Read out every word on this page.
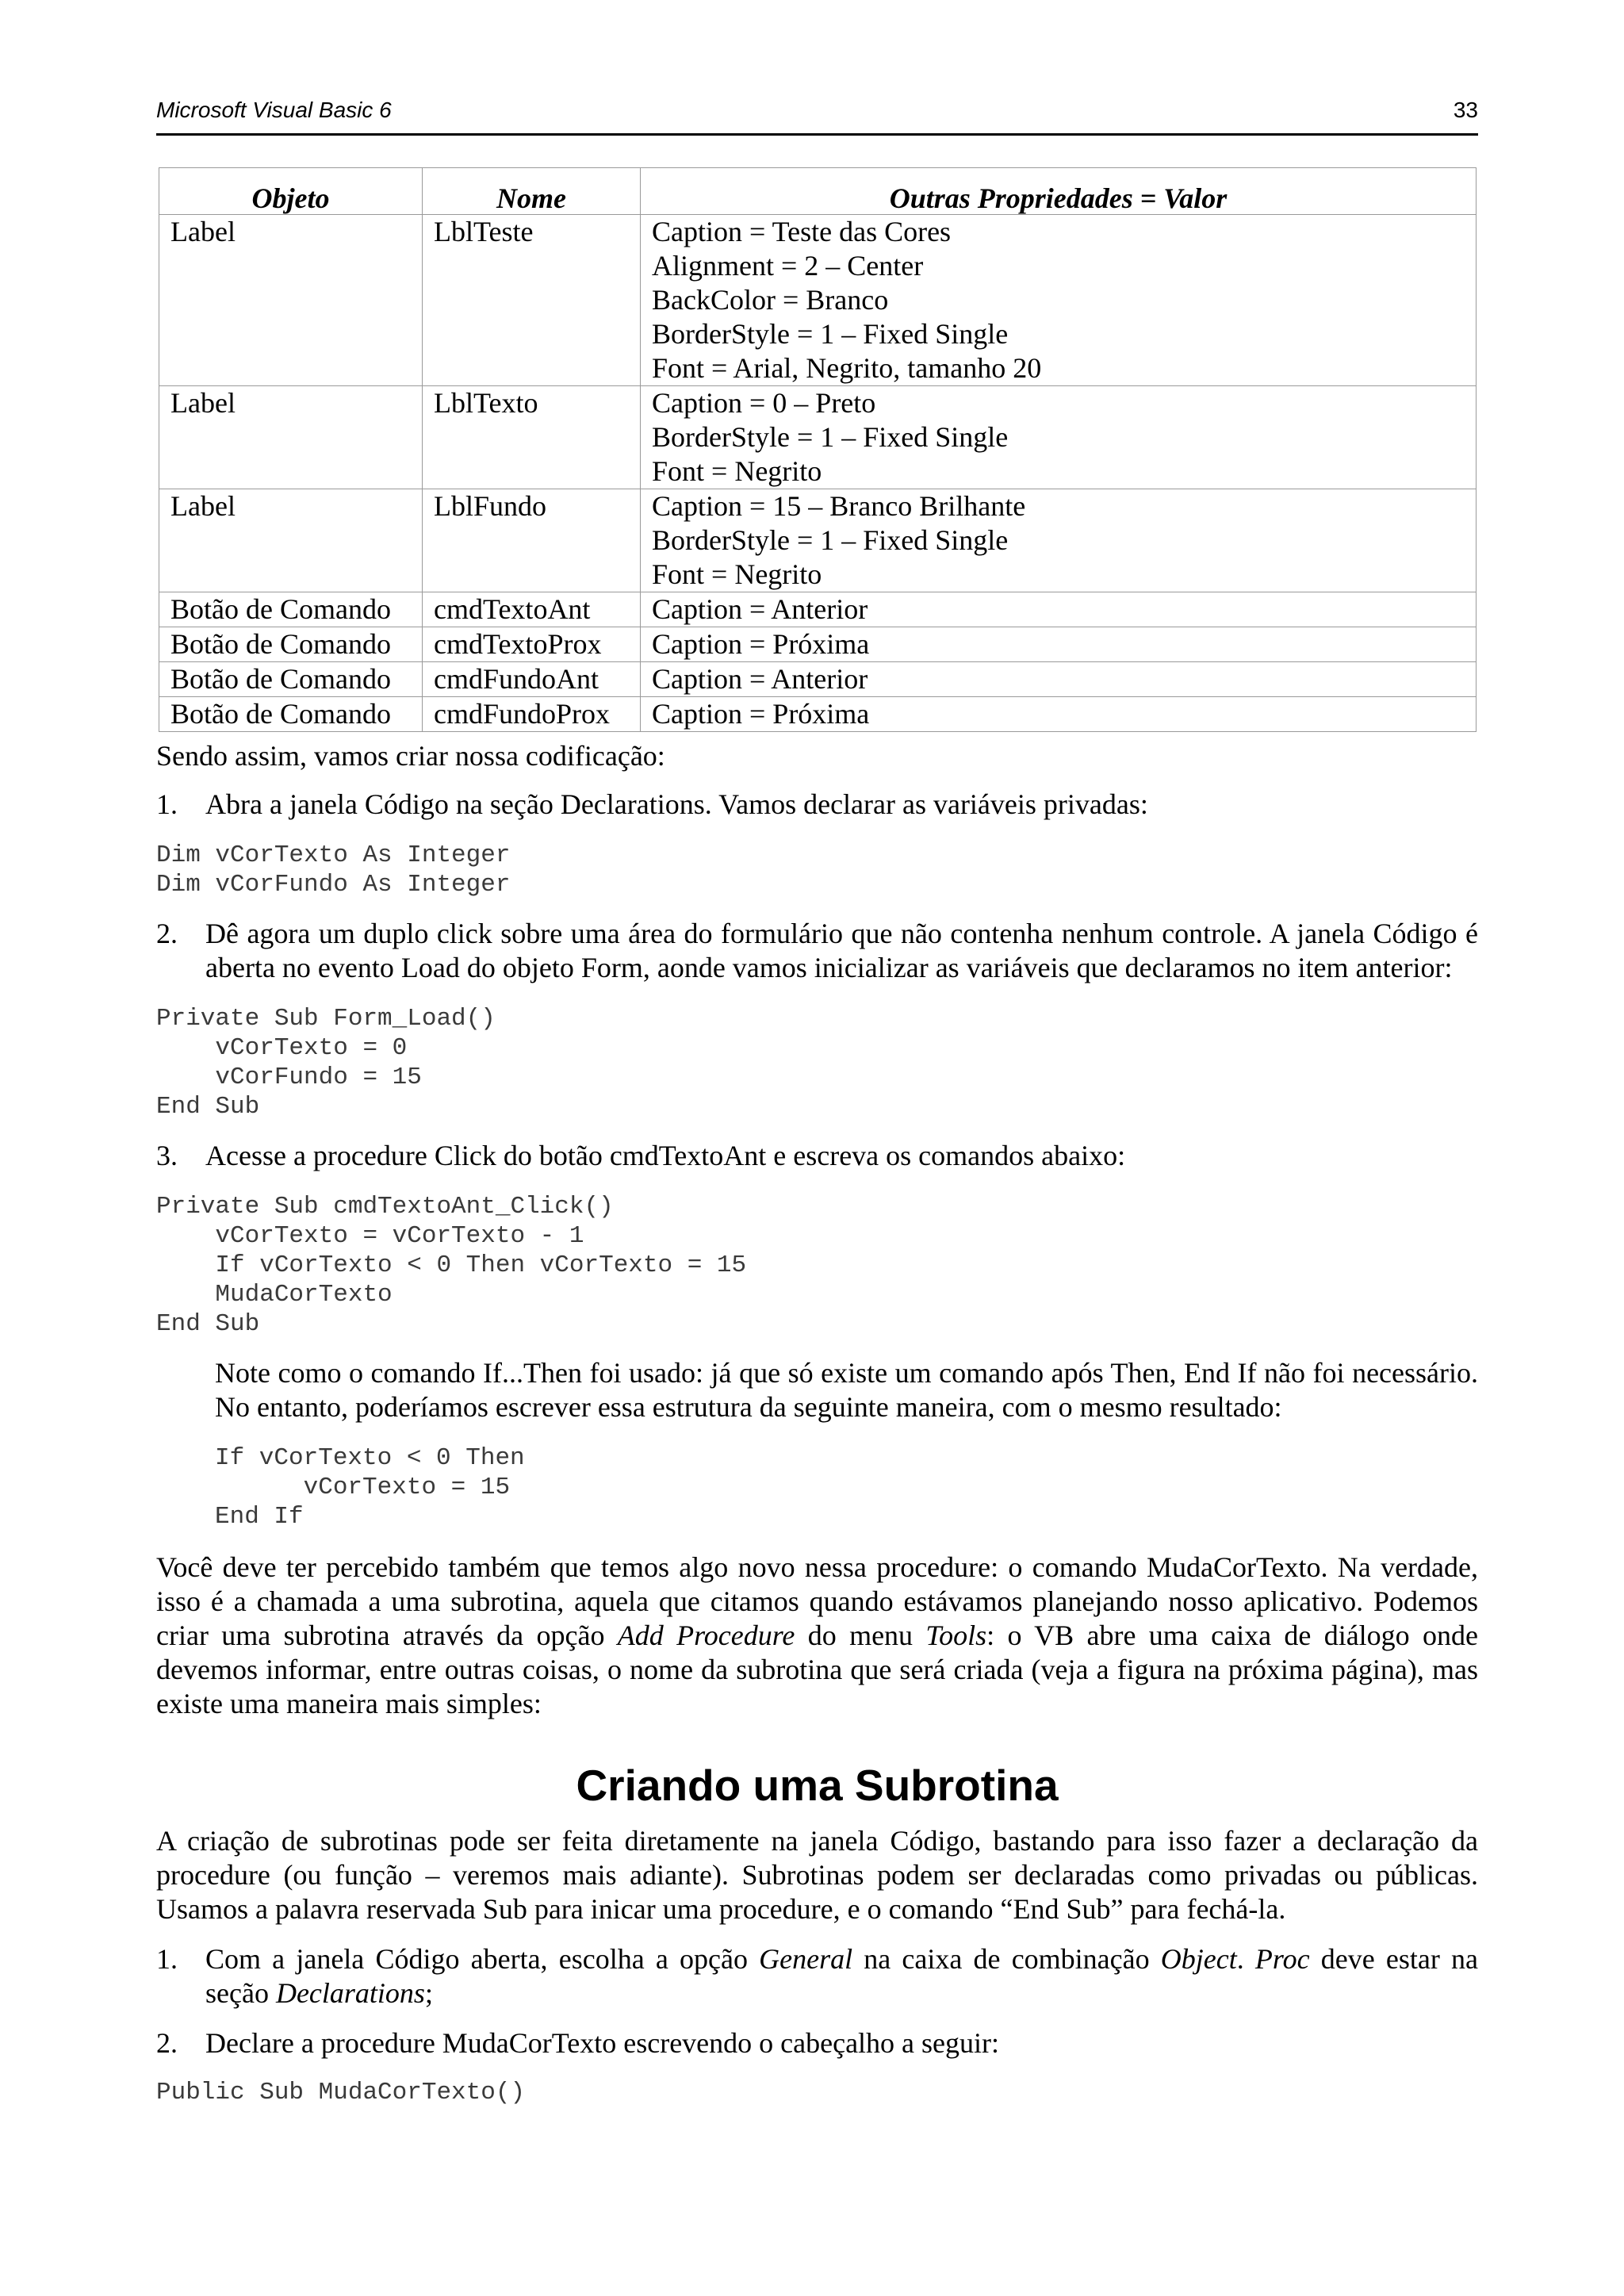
Microsoft Visual Basic 6	33
Objeto	Nome	Outras Propriedades = Valor
Label	LblTeste	Caption = Teste das Cores
Alignment = 2 – Center
BackColor = Branco
BorderStyle = 1 – Fixed Single
Font = Arial, Negrito, tamanho 20

Label	LblTexto	Caption = 0 – Preto
BorderStyle = 1 – Fixed Single
Font = Negrito

Label	LblFundo	Caption = 15 – Branco Brilhante
BorderStyle = 1 – Fixed Single
Font = Negrito

Botão de Comando	cmdTextoAnt	Caption = Anterior

Botão de Comando	cmdTextoProx	Caption = Próxima

Botão de Comando	cmdFundoAnt	Caption = Anterior

Botão de Comando	cmdFundoProx	Caption = Próxima

Sendo assim, vamos criar nossa codificação:

1. Abra a janela Código na seção Declarations. Vamos declarar as variáveis privadas:

Dim vCorTexto As Integer
Dim vCorFundo As Integer

2. Dê agora um duplo click sobre uma área do formulário que não contenha nenhum controle. A janela Código é aberta no evento Load do objeto Form, aonde vamos inicializar as variáveis que declaramos no item anterior:

Private Sub Form_Load()
vCorTexto = 0
vCorFundo = 15
End Sub

3. Acesse a procedure Click do botão cmdTextoAnt e escreva os comandos abaixo:

Private Sub cmdTextoAnt_Click()
vCorTexto = vCorTexto - 1
If vCorTexto < 0 Then vCorTexto = 15
MudaCorTexto
End Sub

Note como o comando If...Then foi usado: já que só existe um comando após Then, End If não foi necessário. No entanto, poderíamos escrever essa estrutura da seguinte maneira, com o mesmo resultado:

If vCorTexto < 0 Then
vCorTexto = 15
End If

Você deve ter percebido também que temos algo novo nessa procedure: o comando MudaCorTexto. Na verdade, isso é a chamada a uma subrotina, aquela que citamos quando estávamos planejando nosso aplicativo. Podemos criar uma subrotina através da opção Add Procedure do menu Tools: o VB abre uma caixa de diálogo onde devemos informar, entre outras coisas, o nome da subrotina que será criada (veja a figura na próxima página), mas existe uma maneira mais simples:

Criando uma Subrotina

A criação de subrotinas pode ser feita diretamente na janela Código, bastando para isso fazer a declaração da procedure (ou função – veremos mais adiante). Subrotinas podem ser declaradas como privadas ou públicas. Usamos a palavra reservada Sub para inicar uma procedure, e o comando “End Sub” para fechá-la.

1. Com a janela Código aberta, escolha a opção General na caixa de combinação Object. Proc deve estar na seção Declarations;

2. Declare a procedure MudaCorTexto escrevendo o cabeçalho a seguir:

Public Sub MudaCorTexto()
